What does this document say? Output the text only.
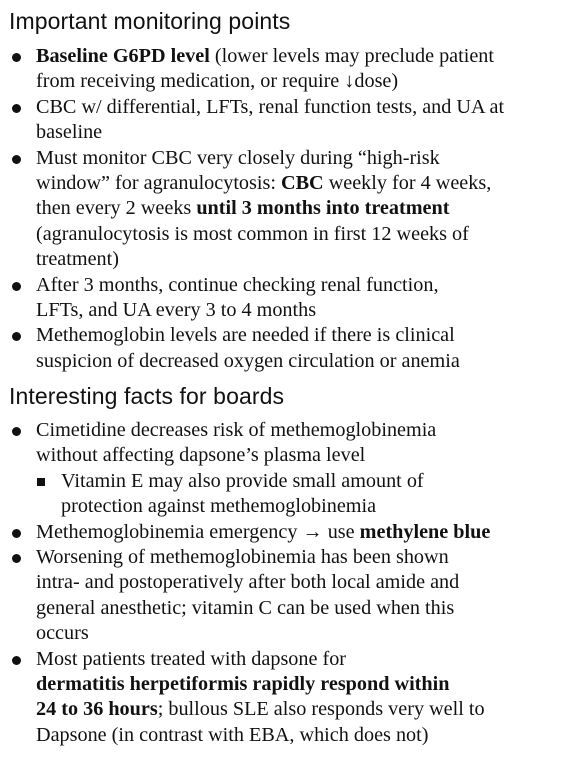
Important monitoring points
Baseline G6PD level (lower levels may preclude patient
from receiving medication, or require ↓dose)
CBC w/ differential, LFTs, renal function tests, and UA at
baseline
Must monitor CBC very closely during “high-risk
window” for agranulocytosis: CBC weekly for 4 weeks,
then every 2 weeks until 3 months into treatment
(agranulocytosis is most common in first 12 weeks of
treatment)
After 3 months, continue checking renal function,
LFTs, and UA every 3 to 4 months
Methemoglobin levels are needed if there is clinical
suspicion of decreased oxygen circulation or anemia
Interesting facts for boards
Cimetidine decreases risk of methemoglobinemia
without affecting dapsone’s plasma level
Vitamin E may also provide small amount of
protection against methemoglobinemia
Methemoglobinemia emergency → use methylene blue
Worsening of methemoglobinemia has been shown
intra- and postoperatively after both local amide and
general anesthetic; vitamin C can be used when this
occurs
Most patients treated with dapsone for
dermatitis herpetiformis rapidly respond within
24 to 36 hours; bullous SLE also responds very well to
Dapsone (in contrast with EBA, which does not)
